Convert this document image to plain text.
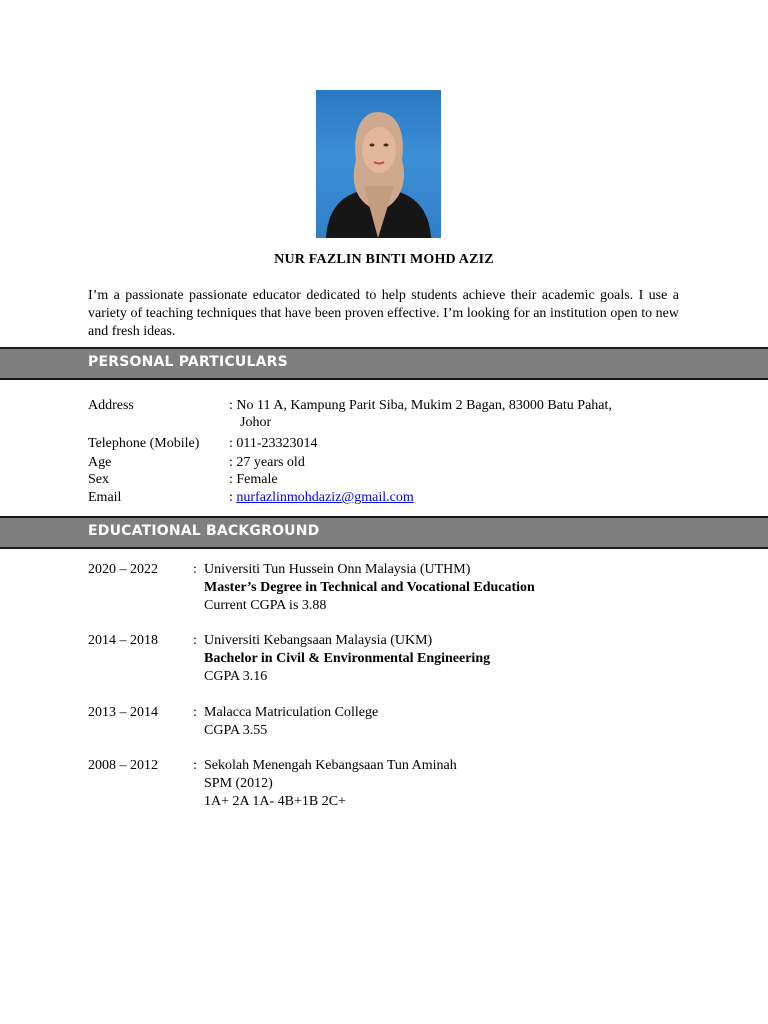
NUR FAZLIN BINTI MOHD AZIZ
I’m a passionate passionate educator dedicated to help students achieve their academic goals. I use a variety of teaching techniques that have been proven effective. I’m looking for an institution open to new and fresh ideas.
PERSONAL PARTICULARS
Address	: No 11 A, Kampung Parit Siba, Mukim 2 Bagan, 83000 Batu Pahat,
Johor
Telephone (Mobile) : 011-23323014
Age	: 27 years old
Sex	: Female
Email	: nurfazlinmohdaziz@gmail.com
EDUCATIONAL BACKGROUND
2020 – 2022	: Universiti Tun Hussein Onn Malaysia (UTHM)
Master’s Degree in Technical and Vocational Education
Current CGPA is 3.88
2014 – 2018	: Universiti Kebangsaan Malaysia (UKM)
Bachelor in Civil & Environmental Engineering
CGPA 3.16
2013 – 2014	: Malacca Matriculation College
CGPA 3.55
2008 – 2012	: Sekolah Menengah Kebangsaan Tun Aminah
SPM (2012)
1A+ 2A 1A- 4B+1B 2C+
